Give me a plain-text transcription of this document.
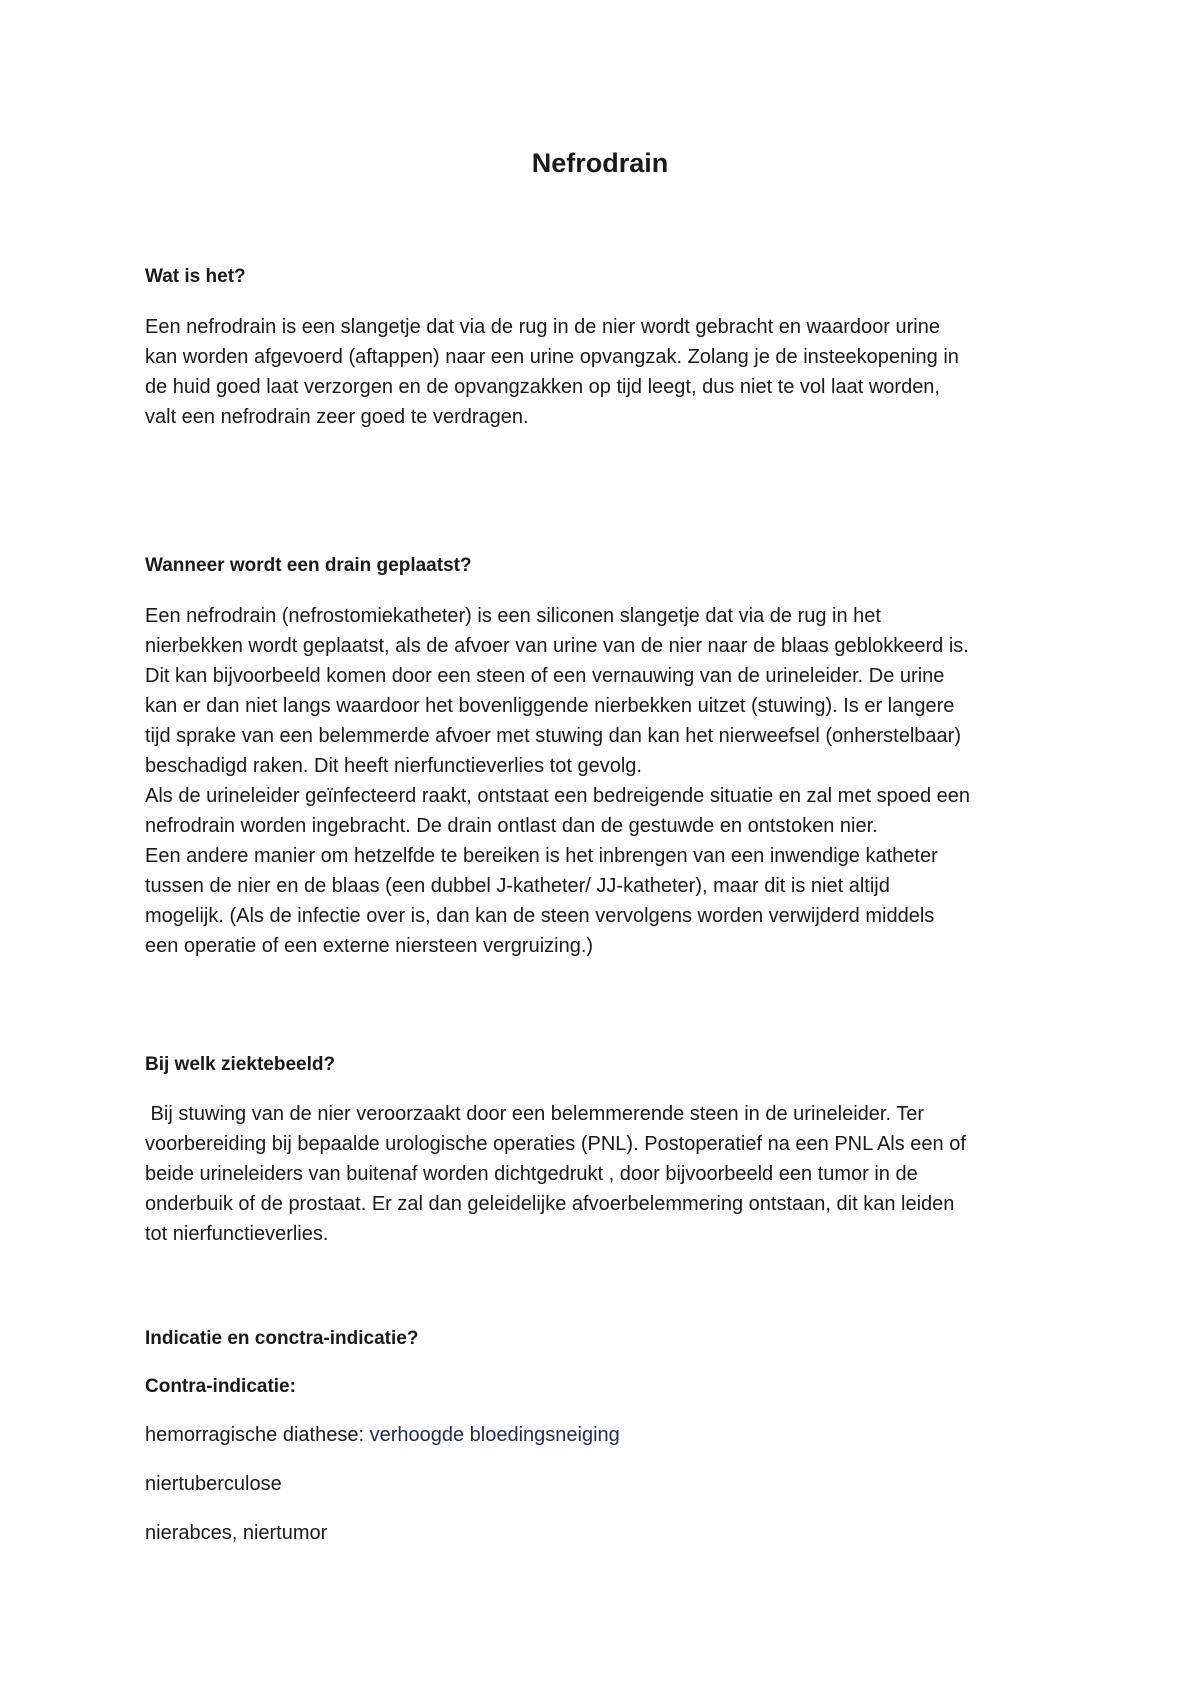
Nefrodrain
Wat is het?

Een nefrodrain is een slangetje dat via de rug in de nier wordt gebracht en waardoor urine
kan worden afgevoerd (aftappen) naar een urine opvangzak. Zolang je de insteekopening in
de huid goed laat verzorgen en de opvangzakken op tijd leegt, dus niet te vol laat worden,
valt een nefrodrain zeer goed te verdragen.

Wanneer wordt een drain geplaatst?

Een nefrodrain (nefrostomiekatheter) is een siliconen slangetje dat via de rug in het
nierbekken wordt geplaatst, als de afvoer van urine van de nier naar de blaas geblokkeerd is.
Dit kan bijvoorbeeld komen door een steen of een vernauwing van de urineleider. De urine
kan er dan niet langs waardoor het bovenliggende nierbekken uitzet (stuwing). Is er langere
tijd sprake van een belemmerde afvoer met stuwing dan kan het nierweefsel (onherstelbaar)
beschadigd raken. Dit heeft nierfunctieverlies tot gevolg.
Als de urineleider geïnfecteerd raakt, ontstaat een bedreigende situatie en zal met spoed een
nefrodrain worden ingebracht. De drain ontlast dan de gestuwde en ontstoken nier.
Een andere manier om hetzelfde te bereiken is het inbrengen van een inwendige katheter
tussen de nier en de blaas (een dubbel J-katheter/ JJ-katheter), maar dit is niet altijd
mogelijk. (Als de infectie over is, dan kan de steen vervolgens worden verwijderd middels
een operatie of een externe niersteen vergruizing.)

Bij welk ziektebeeld?

Bij stuwing van de nier veroorzaakt door een belemmerende steen in de urineleider. Ter
voorbereiding bij bepaalde urologische operaties (PNL). Postoperatief na een PNL Als een of
beide urineleiders van buitenaf worden dichtgedrukt , door bijvoorbeeld een tumor in de
onderbuik of de prostaat. Er zal dan geleidelijke afvoerbelemmering ontstaan, dit kan leiden
tot nierfunctieverlies.

Indicatie en conctra-indicatie?
Contra-indicatie:

hemorragische diathese: verhoogde bloedingsneiging

niertuberculose

nierabces, niertumor
